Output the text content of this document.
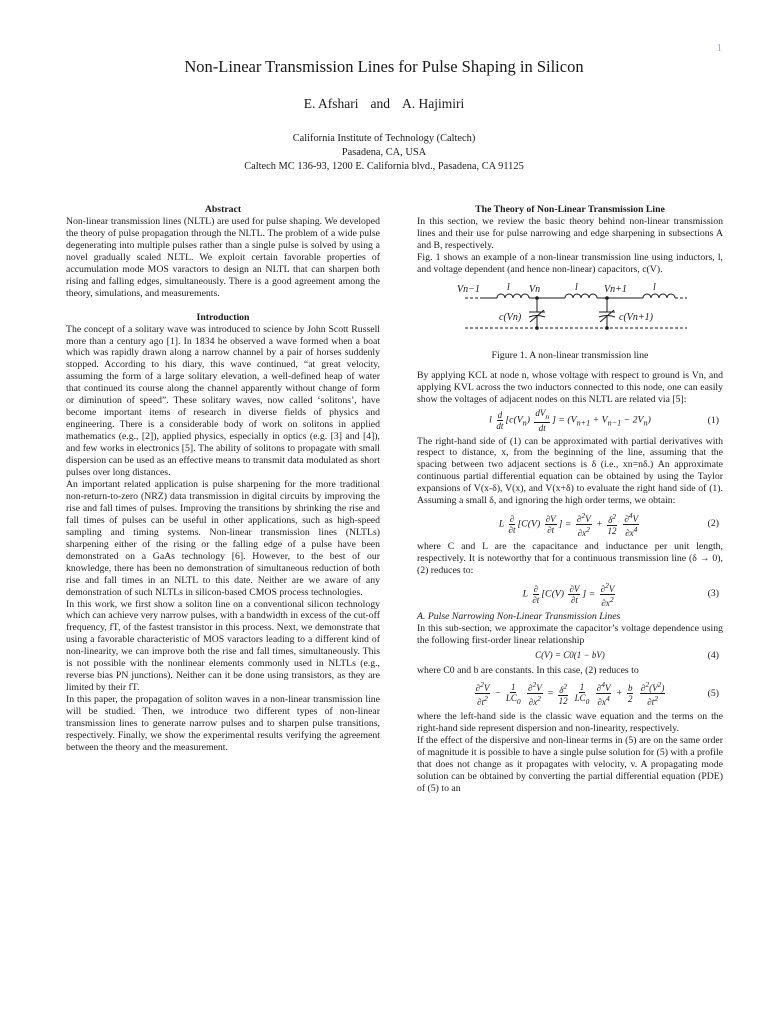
1
Non-Linear Transmission Lines for Pulse Shaping in Silicon
E. Afshari and A. Hajimiri
California Institute of Technology (Caltech)
Pasadena, CA, USA
Caltech MC 136-93, 1200 E. California blvd., Pasadena, CA 91125
Abstract

Non-linear transmission lines (NLTL) are used for pulse shaping. We developed the theory of pulse propagation through the NLTL. The problem of a wide pulse degenerating into multiple pulses rather than a single pulse is solved by using a novel gradually scaled NLTL. We exploit certain favorable properties of accumulation mode MOS varactors to design an NLTL that can sharpen both rising and falling edges, simultaneously. There is a good agreement among the theory, simulations, and measurements.

Introduction

The concept of a solitary wave was introduced to science by John Scott Russell more than a century ago [1]. In 1834 he observed a wave formed when a boat which was rapidly drawn along a narrow channel by a pair of horses suddenly stopped. According to his diary, this wave continued, “at great velocity, assuming the form of a large solitary elevation, a well-defined heap of water that continued its course along the channel apparently without change of form or diminution of speed”. These solitary waves, now called ‘solitons’, have become important items of research in diverse fields of physics and engineering. There is a considerable body of work on solitons in applied mathematics (e.g., [2]), applied physics, especially in optics (e.g. [3] and [4]), and few works in electronics [5]. The ability of solitons to propagate with small dispersion can be used as an effective means to transmit data modulated as short pulses over long distances.

An important related application is pulse sharpening for the more traditional non-return-to-zero (NRZ) data transmission in digital circuits by improving the rise and fall times of pulses. Improving the transitions by shrinking the rise and fall times of pulses can be useful in other applications, such as high-speed sampling and timing systems. Non-linear transmission lines (NLTLs) sharpening either of the rising or the falling edge of a pulse have been demonstrated on a GaAs technology [6]. However, to the best of our knowledge, there has been no demonstration of simultaneous reduction of both rise and fall times in an NLTL to this date. Neither are we aware of any demonstration of such NLTLs in silicon-based CMOS process technologies.

In this work, we first show a soliton line on a conventional silicon technology which can achieve very narrow pulses, with a bandwidth in excess of the cut-off frequency, fT, of the fastest transistor in this process. Next, we demonstrate that using a favorable characteristic of MOS varactors leading to a different kind of non-linearity, we can improve both the rise and fall times, simultaneously. This is not possible with the nonlinear elements commonly used in NLTLs (e.g., reverse bias PN junctions). Neither can it be done using transistors, as they are limited by their fT.

In this paper, the propagation of soliton waves in a non-linear transmission line will be studied. Then, we introduce two different types of non-linear transmission lines to generate narrow pulses and to sharpen pulse transitions, respectively. Finally, we show the experimental results verifying the agreement between the theory and the measurement.

The Theory of Non-Linear Transmission Line

In this section, we review the basic theory behind non-linear transmission lines and their use for pulse narrowing and edge sharpening in subsections A and B, respectively.

Fig. 1 shows an example of a non-linear transmission line using inductors, l, and voltage dependent (and hence non-linear) capacitors, c(V).

Vn−1	l Vn	l	Vn+1	l
c(Vn)	c(Vn+1)
Figure 1. A non-linear transmission line

By applying KCL at node n, whose voltage with respect to ground is Vn, and applying KVL across the two inductors connected to this node, one can easily show the voltages of adjacent nodes on this NLTL are related via [5]:

l $\frac{d}{dt} [c(V_n) \frac{dV_n}{dt}$ ] = $(V_{n+1} + V_{n-1} - 2V_n)$	(1)

The right-hand side of (1) can be approximated with partial derivatives with respect to distance, x, from the beginning of the line, assuming that the spacing between two adjacent sections is δ (i.e., xn=nδ.) An approximate continuous partial differential equation can be obtained by using the Taylor expansions of V(x-δ), V(x), and V(x+δ) to evaluate the right hand side of (1). Assuming a small δ, and ignoring the high order terms, we obtain:

L $\frac{\partial}{\partial t} [C(V) \frac{\partial V}{\partial t}$ ] = $\frac{\partial^2V}{\partial x^2} + \frac{\delta^2}{12}$
$\frac{\partial^4V}{\partial x^4}$	(2)

where C and L are the capacitance and inductance per unit length, respectively. It is noteworthy that for a continuous transmission line (δ → 0), (2) reduces to:

L $\frac{\partial}{\partial t} [C(V) \frac{\partial V}{\partial t}$ ] = $\frac{\partial^2V}{\partial x^2}$	(3)
A. Pulse Narrowing Non-Linear Transmission Lines

In this sub-section, we approximate the capacitor’s voltage dependence using the following first-order linear relationship

C(V) = C0(1 − bV)	(4)

where C0 and b are constants. In this case, (2) reduces to

$\frac{\partial^2V}{\partial t^2} - \frac{1}{LC_0}$
$\frac{\partial^2V}{\partial x^2} = \frac{\delta^2}{12}$
$\frac{1}{LC_0}$
$\frac{\partial^4V}{\partial x^4} + \frac{b}{2}$
$\frac{\partial^2(V^2)}{\partial t^2}$	(5)

where the left-hand side is the classic wave equation and the terms on the right-hand side represent dispersion and non-linearity, respectively.

If the effect of the dispersive and non-linear terms in (5) are on the same order of magnitude it is possible to have a single pulse solution for (5) with a profile that does not change as it propagates with velocity, v. A propagating mode solution can be obtained by converting the partial differential equation (PDE) of (5) to an
